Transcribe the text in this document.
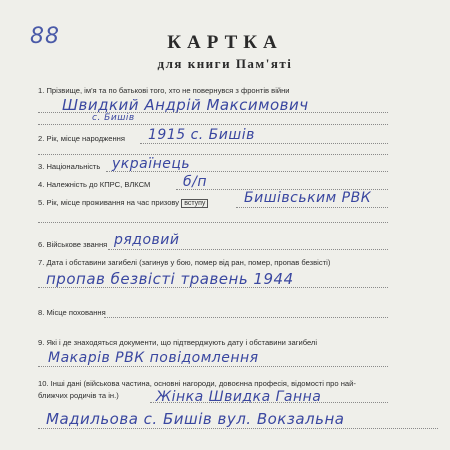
88	КАРТКА
для книги Пам'яті
1. Прізвище, ім'я та по батькові того, хто не повернувся з фронтів війни
Швидкий Андрій Максимович
с. Бишів
2. Рік, місце народження 1915 с. Бишів
3. Національність українець
4. Належність до КПРС, ВЛКСМ б/п
5. Рік, місце проживання на час призову вступу	Бишівським РВК
6. Військове звання рядовий
7. Дата і обставини загибелі (загинув у бою, помер від ран, помер, пропав безвісті)
пропав безвісті травень 1944
8. Місце поховання
9. Які і де знаходяться документи, що підтверджують дату і обставини загибелі
Макарів РВК повідомлення
10. Інші дані (військова частина, основні нагороди, довоєнна професія, відомості про най-
ближчих родичів та ін.)	Жінка Швидка Ганна
Мадильова с. Бишів вул. Вокзальна
